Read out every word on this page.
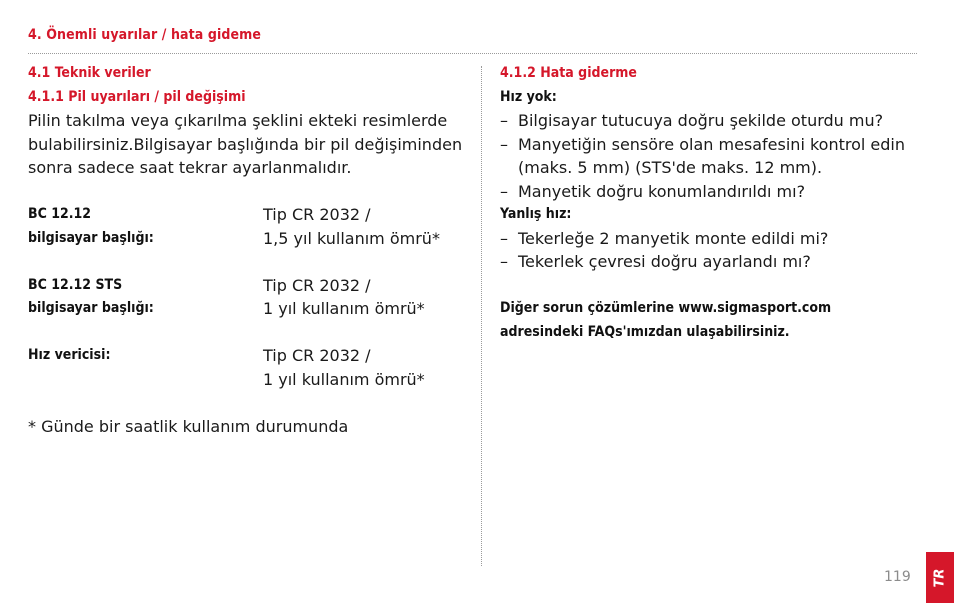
4. Önemli uyarılar / hata gideme
4.1 Teknik veriler
4.1.1 Pil uyarıları / pil değişimi
Pilin takılma veya çıkarılma şeklini ekteki resimlerde
bulabilirsiniz.Bilgisayar başlığında bir pil değişiminden
sonra sadece saat tekrar ayarlanmalıdır.
BC 12.12	Tip CR 2032 /
bilgisayar başlığı:	1,5 yıl kullanım ömrü*
BC 12.12 STS	Tip CR 2032 /
bilgisayar başlığı:	1 yıl kullanım ömrü*
Hız vericisi:	Tip CR 2032 /
1 yıl kullanım ömrü*
* Günde bir saatlik kullanım durumunda
4.1.2 Hata giderme
Hız yok:
– Bilgisayar tutucuya doğru şekilde oturdu mu?
– Manyetiğin sensöre olan mesafesini kontrol edin
(maks. 5 mm) (STS'de maks. 12 mm).
– Manyetik doğru konumlandırıldı mı?
Yanlış hız:
– Tekerleğe 2 manyetik monte edildi mi?
– Tekerlek çevresi doğru ayarlandı mı?
Diğer sorun çözümlerine www.sigmasport.com
adresindeki FAQs'ımızdan ulaşabilirsiniz.
119 TR
